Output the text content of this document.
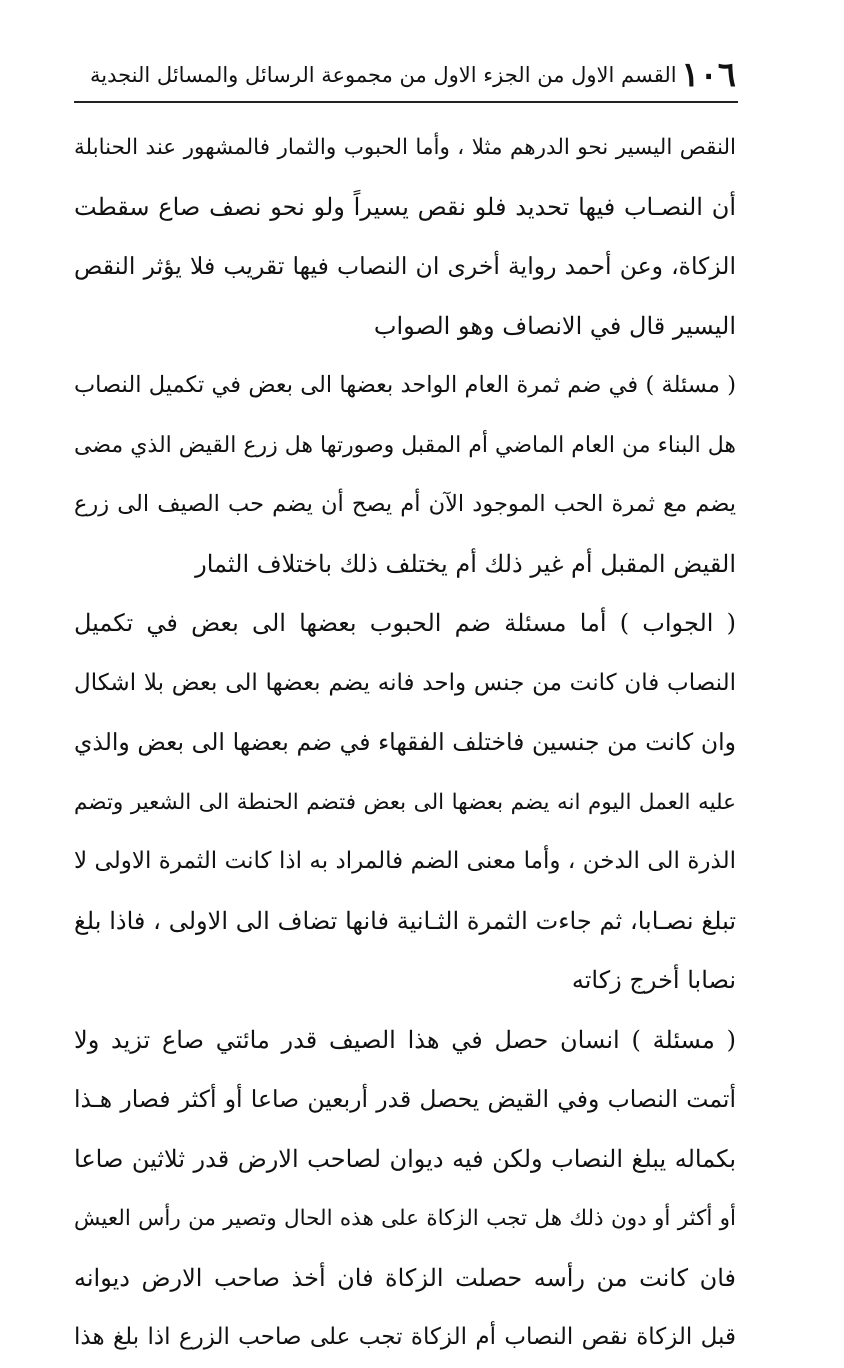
١٠٦
القسم الاول من الجزء الاول من مجموعة الرسائل والمسائل النجدية
النقص اليسير نحو الدرهم مثلا ، وأما الحبوب والثمار فالمشهور عند الحنابلة
أن النصـاب فيها تحديد فلو نقص يسيراً ولو نحو نصف صاع سقطت
الزكاة، وعن أحمد رواية أخرى ان النصاب فيها تقريب فلا يؤثر النقص
اليسير قال في الانصاف وهو الصواب
( مسئلة ) في ضم ثمرة العام الواحد بعضها الى بعض في تكميل النصاب
هل البناء من العام الماضي أم المقبل وصورتها هل زرع القيض الذي مضى
يضم مع ثمرة الحب الموجود الآن أم يصح أن يضم حب الصيف الى زرع
القيض المقبل أم غير ذلك أم يختلف ذلك باختلاف الثمار
( الجواب ) أما مسئلة ضم الحبوب بعضها الى بعض في تكميل
النصاب فان كانت من جنس واحد فانه يضم بعضها الى بعض بلا اشكال
وان كانت من جنسين فاختلف الفقهاء في ضم بعضها الى بعض والذي
عليه العمل اليوم انه يضم بعضها الى بعض فتضم الحنطة الى الشعير وتضم
الذرة الى الدخن ، وأما معنى الضم فالمراد به اذا كانت الثمرة الاولى لا
تبلغ نصـابا، ثم جاءت الثمرة الثـانية فانها تضاف الى الاولى ، فاذا بلغ
نصابا أخرج زكاته
( مسئلة ) انسان حصل في هذا الصيف قدر مائتي صاع تزيد ولا
أتمت النصاب وفي القيض يحصل قدر أربعين صاعا أو أكثر فصار هـذا
بكماله يبلغ النصاب ولكن فيه ديوان لصاحب الارض قدر ثلاثين صاعا
أو أكثر أو دون ذلك هل تجب الزكاة على هذه الحال وتصير من رأس العيش
فان كانت من رأسه حصلت الزكاة فان أخذ صاحب الارض ديوانه
قبل الزكاة نقص النصاب أم الزكاة تجب على صاحب الزرع اذا بلغ هذا
